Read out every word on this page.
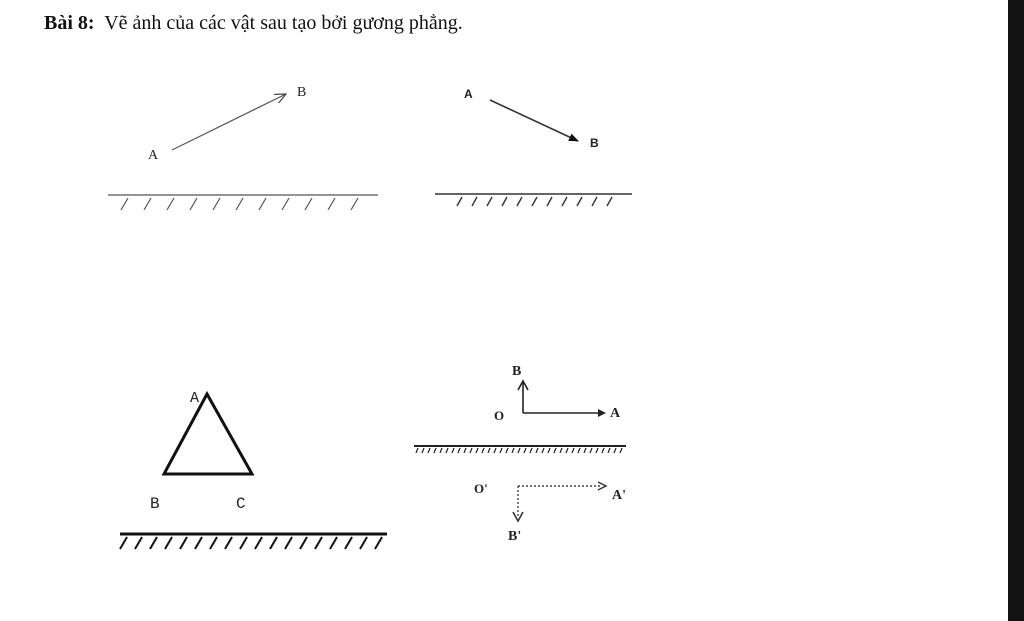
Bài 8: Vẽ ảnh của các vật sau tạo bởi gương phẳng.
A
B	A
B
A
B	C
B
O	A
O'	A'
B'
